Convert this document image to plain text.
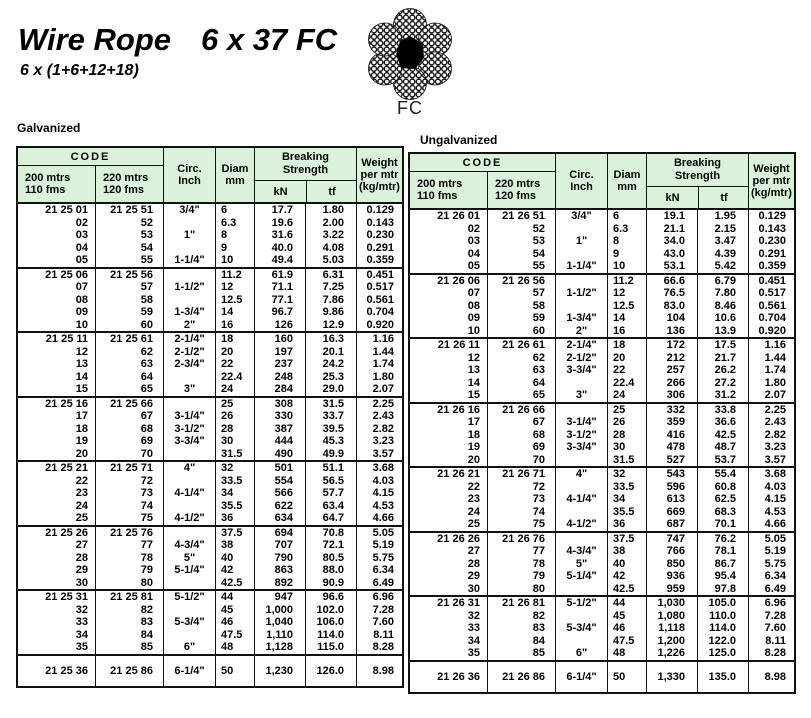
Wire Rope 6 x 37 FC
6 x (1+6+12+18)
FC
Galvanized
Ungalvanized
CODE
200 mtrs
110 fms
220 mtrs
120 fms
Circ.
Inch
Diam
mm
Breaking
Strength
kN	tf
Weight
per mtr
(kg/mtr)
21 25 01	21 25 51	3/4"	6	17.7	1.80	0.129
02	52	6.3	19.6	2.00	0.143
03	53	1"	8	31.6	3.22	0.230
04	54	9	40.0	4.08	0.291
05	55	1-1/4"	10	49.4	5.03	0.359
21 25 06	21 25 56	11.2	61.9	6.31	0.451
07	57	1-1/2"	12	71.1	7.25	0.517
08	58	12.5	77.1	7.86	0.561
09	59	1-3/4"	14	96.7	9.86	0.704
10	60	2"	16	126	12.9	0.920
21 25 11	21 25 61	2-1/4"	18	160	16.3	1.16
12	62	2-1/2"	20	197	20.1	1.44
13	63	2-3/4"	22	237	24.2	1.74
14	64	22.4	248	25.3	1.80
15	65	3"	24	284	29.0	2.07
21 25 16	21 25 66	25	308	31.5	2.25
17	67	3-1/4"	26	330	33.7	2.43
18	68	3-1/2"	28	387	39.5	2.82
19	69	3-3/4"	30	444	45.3	3.23
20	70	31.5	490	49.9	3.57
21 25 21	21 25 71	4"	32	501	51.1	3.68
22	72	33.5	554	56.5	4.03
23	73	4-1/4"	34	566	57.7	4.15
24	74	35.5	622	63.4	4.53
25	75	4-1/2"	36	634	64.7	4.66
21 25 26	21 25 76	37.5	694	70.8	5.05
27	77	4-3/4"	38	707	72.1	5.19
28	78	5"	40	790	80.5	5.75
29	79	5-1/4"	42	863	88.0	6.34
30	80	42.5	892	90.9	6.49
21 25 31	21 25 81	5-1/2"	44	947	96.6	6.96
32	82	45	1,000	102.0	7.28
33	83	5-3/4"	46	1,040	106.0	7.60
34	84	47.5	1,110	114.0	8.11
35	85	6"	48	1,128	115.0	8.28
21 25 36	21 25 86	6-1/4"	50	1,230	126.0	8.98
CODE
200 mtrs
110 fms
220 mtrs
120 fms
Circ.
Inch
Diam
mm
Breaking
Strength
kN	tf
Weight
per mtr
(kg/mtr)
21 26 01	21 26 51	3/4"	6	19.1	1.95	0.129
02	52	6.3	21.1	2.15	0.143
03	53	1"	8	34.0	3.47	0.230
04	54	9	43.0	4.39	0.291
05	55	1-1/4"	10	53.1	5.42	0.359
21 26 06	21 26 56	11.2	66.6	6.79	0.451
07	57	1-1/2"	12	76.5	7.80	0.517
08	58	12.5	83.0	8.46	0.561
09	59	1-3/4"	14	104	10.6	0.704
10	60	2"	16	136	13.9	0.920
21 26 11	21 26 61	2-1/4"	18	172	17.5	1.16
12	62	2-1/2"	20	212	21.7	1.44
13	63	3-3/4"	22	257	26.2	1.74
14	64	22.4	266	27.2	1.80
15	65	3"	24	306	31.2	2.07
21 26 16	21 26 66	25	332	33.8	2.25
17	67	3-1/4"	26	359	36.6	2.43
18	68	3-1/2"	28	416	42.5	2.82
19	69	3-3/4"	30	478	48.7	3.23
20	70	31.5	527	53.7	3.57
21 26 21	21 26 71	4"	32	543	55.4	3.68
22	72	33.5	596	60.8	4.03
23	73	4-1/4"	34	613	62.5	4.15
24	74	35.5	669	68.3	4.53
25	75	4-1/2"	36	687	70.1	4.66
21 26 26	21 26 76	37.5	747	76.2	5.05
27	77	4-3/4"	38	766	78.1	5.19
28	78	5"	40	850	86.7	5.75
29	79	5-1/4"	42	936	95.4	6.34
30	80	42.5	959	97.8	6.49
21 26 31	21 26 81	5-1/2"	44	1,030	105.0	6.96
32	82	45	1,080	110.0	7.28
33	83	5-3/4"	46	1,118	114.0	7.60
34	84	47.5	1,200	122.0	8.11
35	85	6"	48	1,226	125.0	8.28
21 26 36	21 26 86	6-1/4"	50	1,330	135.0	8.98
